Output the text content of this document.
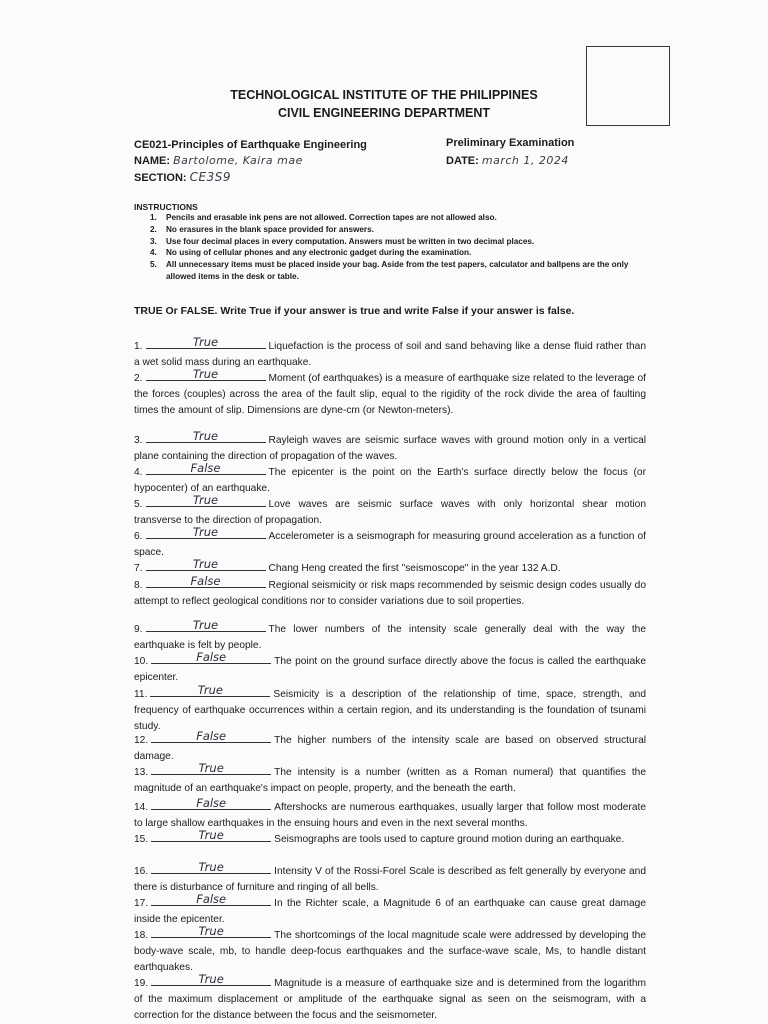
TECHNOLOGICAL INSTITUTE OF THE PHILIPPINES
CIVIL ENGINEERING DEPARTMENT
CE021-Principles of Earthquake Engineering
NAME: Bartolome, Kaira mae
SECTION: CE3S9
Preliminary Examination
DATE: march 1, 2024
INSTRUCTIONS
1. Pencils and erasable ink pens are not allowed. Correction tapes are not allowed also.
2. No erasures in the blank space provided for answers.
3. Use four decimal places in every computation. Answers must be written in two decimal places.
4. No using of cellular phones and any electronic gadget during the examination.
5. All unnecessary items must be placed inside your bag. Aside from the test papers, calculator and ballpens are the only allowed items in the desk or table.
TRUE Or FALSE. Write True if your answer is true and write False if your answer is false.
1.	True	Liquefaction is the process of soil and sand behaving like a dense fluid rather than a wet solid mass during an earthquake.
2.	True	Moment (of earthquakes) is a measure of earthquake size related to the leverage of the forces (couples) across the area of the fault slip, equal to the rigidity of the rock divide the area of faulting times the amount of slip. Dimensions are dyne-cm (or Newton-meters).
3.	True	Rayleigh waves are seismic surface waves with ground motion only in a vertical plane containing the direction of propagation of the waves.
4.	False	The epicenter is the point on the Earth's surface directly below the focus (or hypocenter) of an earthquake.
5.	True	Love waves are seismic surface waves with only horizontal shear motion transverse to the direction of propagation.
6.	True	Accelerometer is a seismograph for measuring ground acceleration as a function of space.
7.	True	Chang Heng created the first "seismoscope" in the year 132 A.D.
8.	False	Regional seismicity or risk maps recommended by seismic design codes usually do attempt to reflect geological conditions nor to consider variations due to soil properties.
9.	True	The lower numbers of the intensity scale generally deal with the way the earthquake is felt by people.
10.	False	The point on the ground surface directly above the focus is called the earthquake epicenter.
11.	True	Seismicity is a description of the relationship of time, space, strength, and frequency of earthquake occurrences within a certain region, and its understanding is the foundation of tsunami study.
12.	False	The higher numbers of the intensity scale are based on observed structural damage.
13.	True	The intensity is a number (written as a Roman numeral) that quantifies the magnitude of an earthquake's impact on people, property, and the beneath the earth.
14.	False	Aftershocks are numerous earthquakes, usually larger that follow most moderate to large shallow earthquakes in the ensuing hours and even in the next several months.
15.	True	Seismographs are tools used to capture ground motion during an earthquake.
16.	True	Intensity V of the Rossi-Forel Scale is described as felt generally by everyone and there is disturbance of furniture and ringing of all bells.
17.	False	In the Richter scale, a Magnitude 6 of an earthquake can cause great damage inside the epicenter.
18.	True	The shortcomings of the local magnitude scale were addressed by developing the body-wave scale, mb, to handle deep-focus earthquakes and the surface-wave scale, Ms, to handle distant earthquakes.
19.	True	Magnitude is a measure of earthquake size and is determined from the logarithm of the maximum displacement or amplitude of the earthquake signal as seen on the seismogram, with a correction for the distance between the focus and the seismometer.
